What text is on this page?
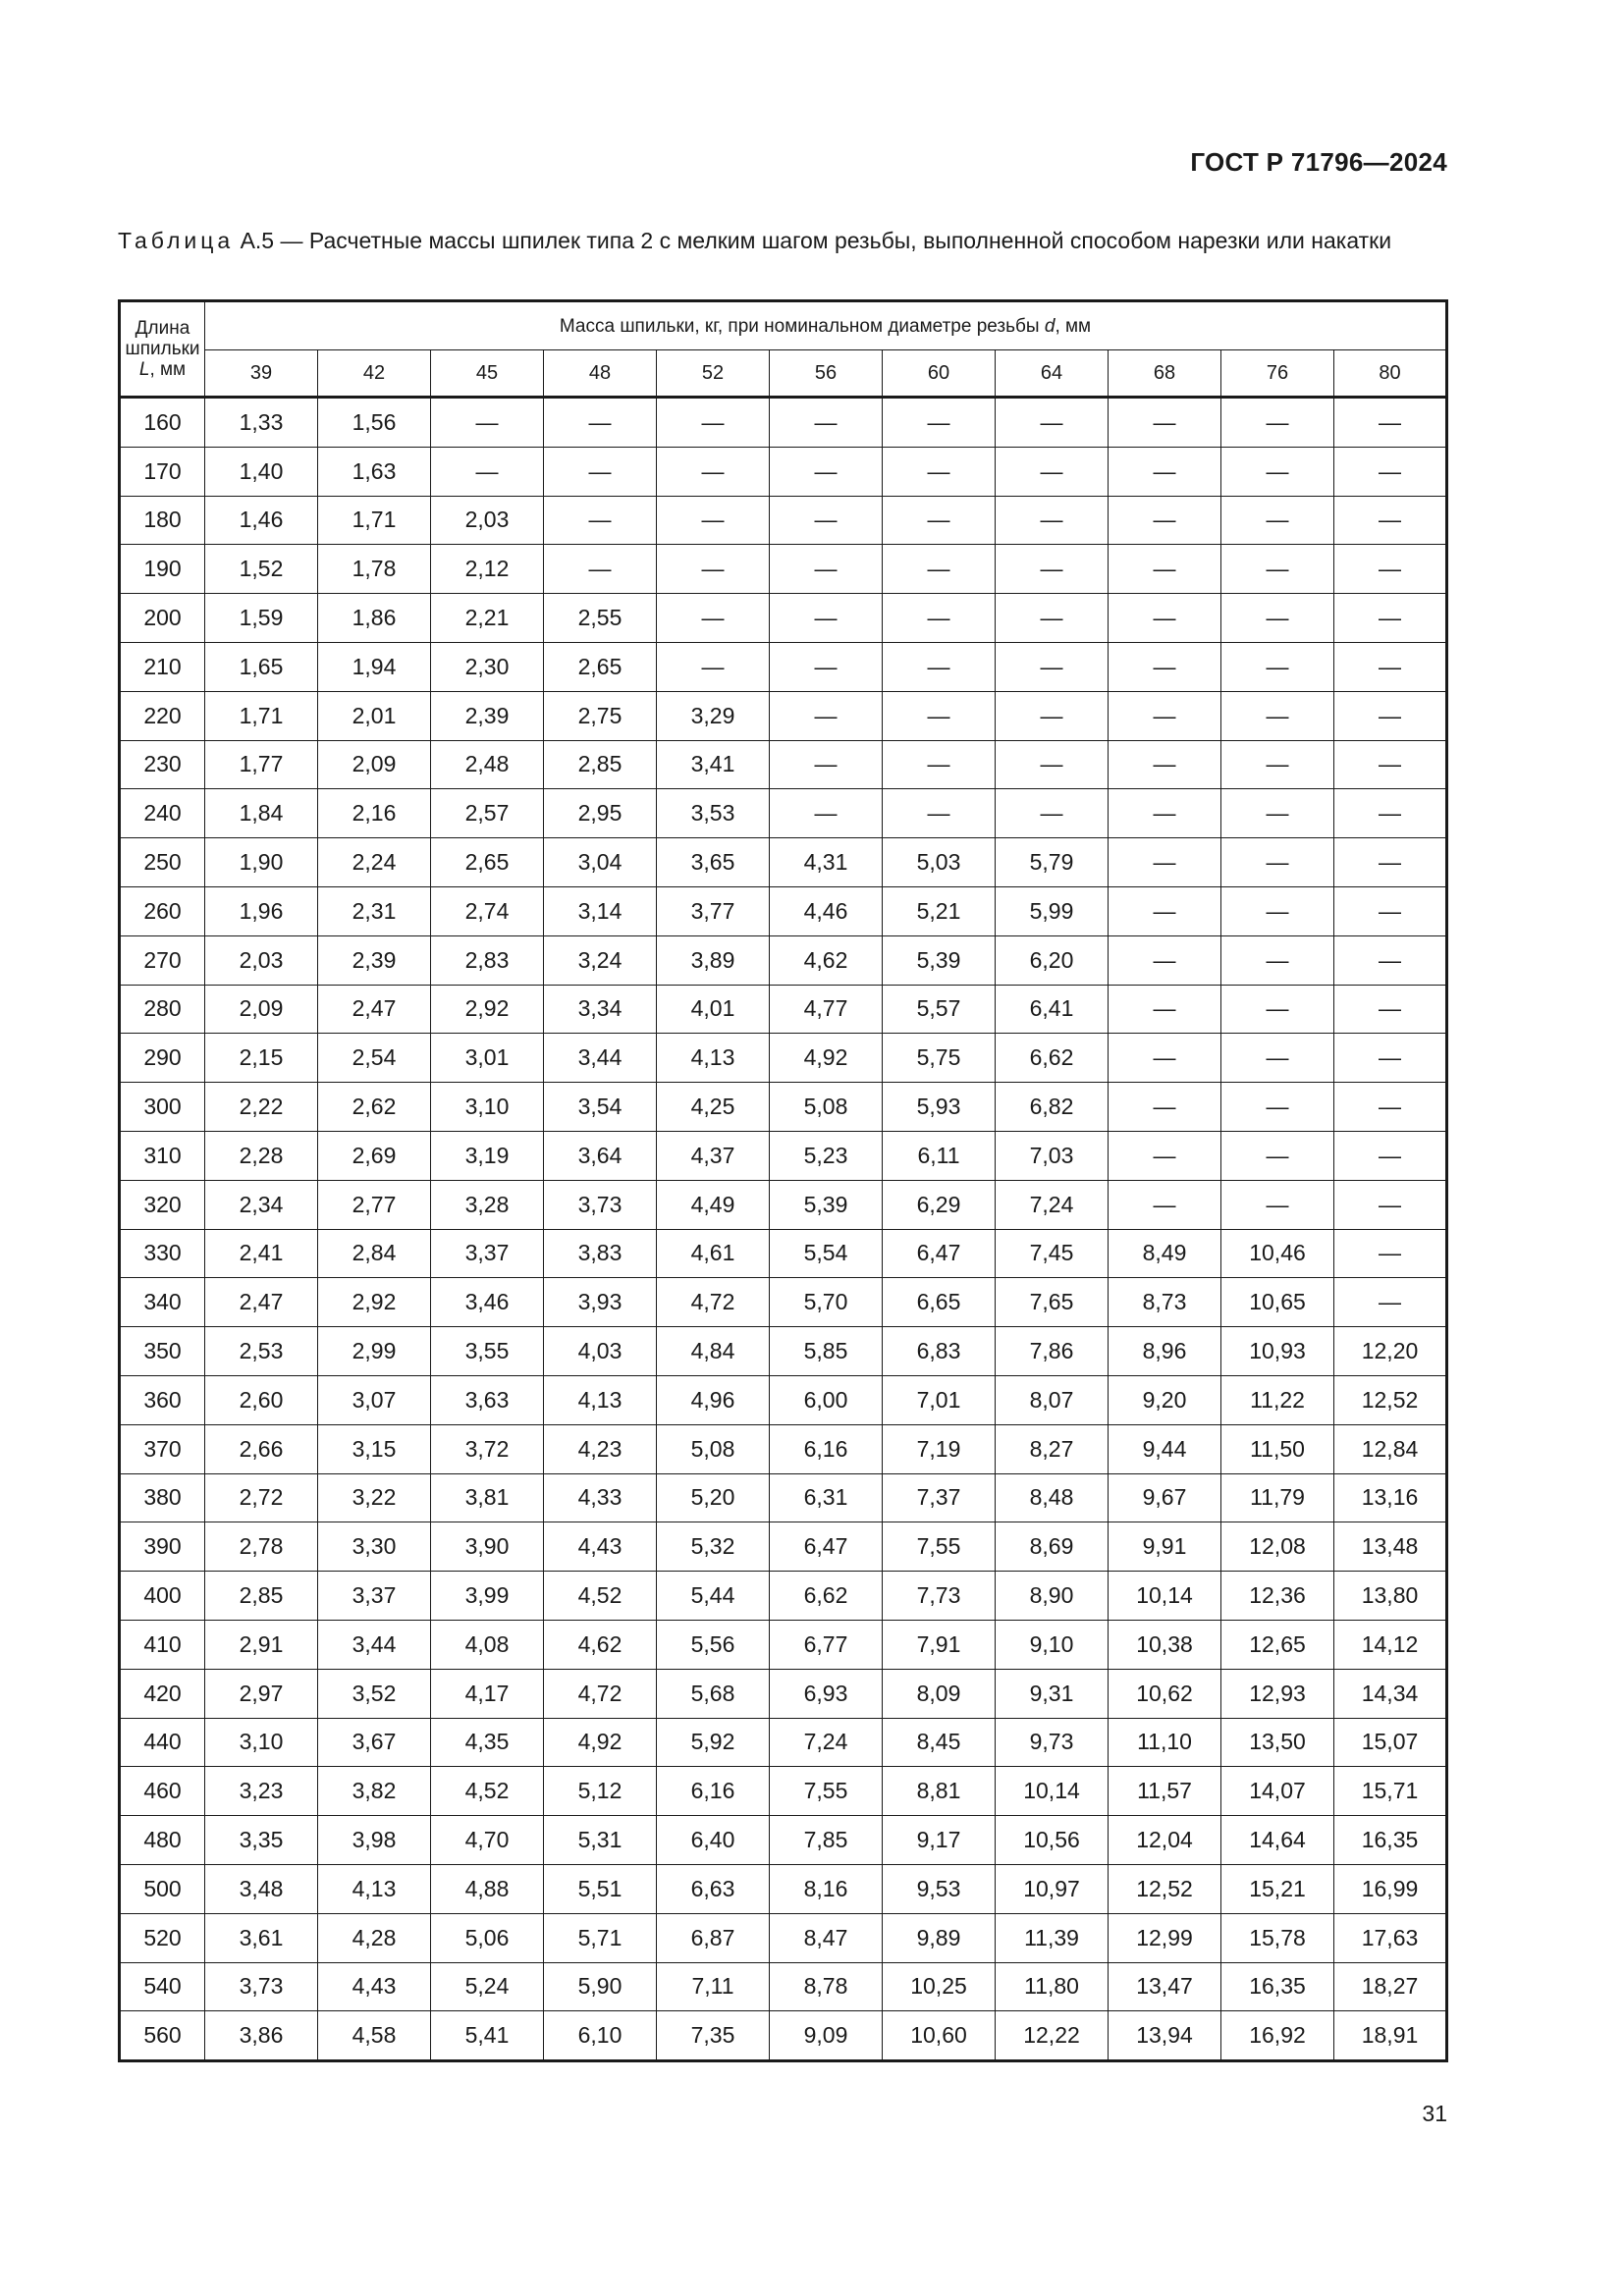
ГОСТ Р 71796—2024
Таблица А.5 — Расчетные массы шпилек типа 2 с мелким шагом резьбы, выполненной способом нарезки или накатки
Длина
шпильки
L, мм	Масса шпильки, кг, при номинальном диаметре резьбы d, мм										
	39	42	45	48	52	56	60	64	68	76	80
160	1,33	1,56	—	—	—	—	—	—	—	—	—
170	1,40	1,63	—	—	—	—	—	—	—	—	—
180	1,46	1,71	2,03	—	—	—	—	—	—	—	—
190	1,52	1,78	2,12	—	—	—	—	—	—	—	—
200	1,59	1,86	2,21	2,55	—	—	—	—	—	—	—
210	1,65	1,94	2,30	2,65	—	—	—	—	—	—	—
220	1,71	2,01	2,39	2,75	3,29	—	—	—	—	—	—
230	1,77	2,09	2,48	2,85	3,41	—	—	—	—	—	—
240	1,84	2,16	2,57	2,95	3,53	—	—	—	—	—	—
250	1,90	2,24	2,65	3,04	3,65	4,31	5,03	5,79	—	—	—
260	1,96	2,31	2,74	3,14	3,77	4,46	5,21	5,99	—	—	—
270	2,03	2,39	2,83	3,24	3,89	4,62	5,39	6,20	—	—	—
280	2,09	2,47	2,92	3,34	4,01	4,77	5,57	6,41	—	—	—
290	2,15	2,54	3,01	3,44	4,13	4,92	5,75	6,62	—	—	—
300	2,22	2,62	3,10	3,54	4,25	5,08	5,93	6,82	—	—	—
310	2,28	2,69	3,19	3,64	4,37	5,23	6,11	7,03	—	—	—
320	2,34	2,77	3,28	3,73	4,49	5,39	6,29	7,24	—	—	—
330	2,41	2,84	3,37	3,83	4,61	5,54	6,47	7,45	8,49	10,46	—
340	2,47	2,92	3,46	3,93	4,72	5,70	6,65	7,65	8,73	10,65	—
350	2,53	2,99	3,55	4,03	4,84	5,85	6,83	7,86	8,96	10,93	12,20
360	2,60	3,07	3,63	4,13	4,96	6,00	7,01	8,07	9,20	11,22	12,52
370	2,66	3,15	3,72	4,23	5,08	6,16	7,19	8,27	9,44	11,50	12,84
380	2,72	3,22	3,81	4,33	5,20	6,31	7,37	8,48	9,67	11,79	13,16
390	2,78	3,30	3,90	4,43	5,32	6,47	7,55	8,69	9,91	12,08	13,48
400	2,85	3,37	3,99	4,52	5,44	6,62	7,73	8,90	10,14	12,36	13,80
410	2,91	3,44	4,08	4,62	5,56	6,77	7,91	9,10	10,38	12,65	14,12
420	2,97	3,52	4,17	4,72	5,68	6,93	8,09	9,31	10,62	12,93	14,34
440	3,10	3,67	4,35	4,92	5,92	7,24	8,45	9,73	11,10	13,50	15,07
460	3,23	3,82	4,52	5,12	6,16	7,55	8,81	10,14	11,57	14,07	15,71
480	3,35	3,98	4,70	5,31	6,40	7,85	9,17	10,56	12,04	14,64	16,35
500	3,48	4,13	4,88	5,51	6,63	8,16	9,53	10,97	12,52	15,21	16,99
520	3,61	4,28	5,06	5,71	6,87	8,47	9,89	11,39	12,99	15,78	17,63
540	3,73	4,43	5,24	5,90	7,11	8,78	10,25	11,80	13,47	16,35	18,27
560	3,86	4,58	5,41	6,10	7,35	9,09	10,60	12,22	13,94	16,92	18,91
31
